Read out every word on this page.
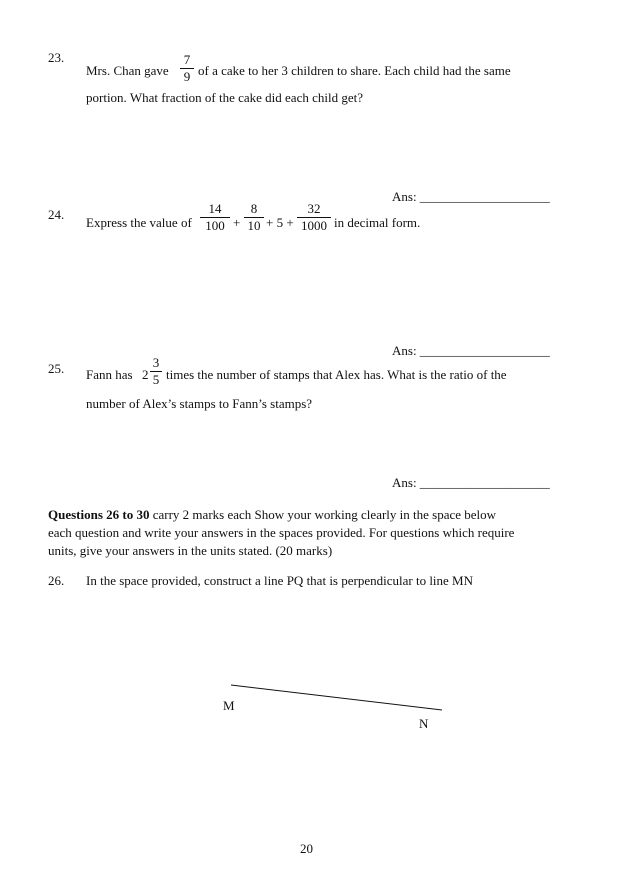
23.
Mrs. Chan gave $\frac{7}{9}$ of a cake to her 3 children to share. Each child had the same
portion. What fraction of the cake did each child get?
Ans: ____________________
24.
Express the value of $\frac{14}{100} + \frac{8}{10} + 5 + \frac{32}{1000}$ in decimal form.
Ans: ____________________
25. Fann has $2 \frac{3}{5}$ times the number of stamps that Alex has. What is the ratio of the
number of Alex’s stamps to Fann’s stamps?
Ans: ____________________
Questions 26 to 30 carry 2 marks each Show your working clearly in the space below
each question and write your answers in the spaces provided. For questions which require
units, give your answers in the units stated. (20 marks)
26. In the space provided, construct a line PQ that is perpendicular to line MN
M
N
20
